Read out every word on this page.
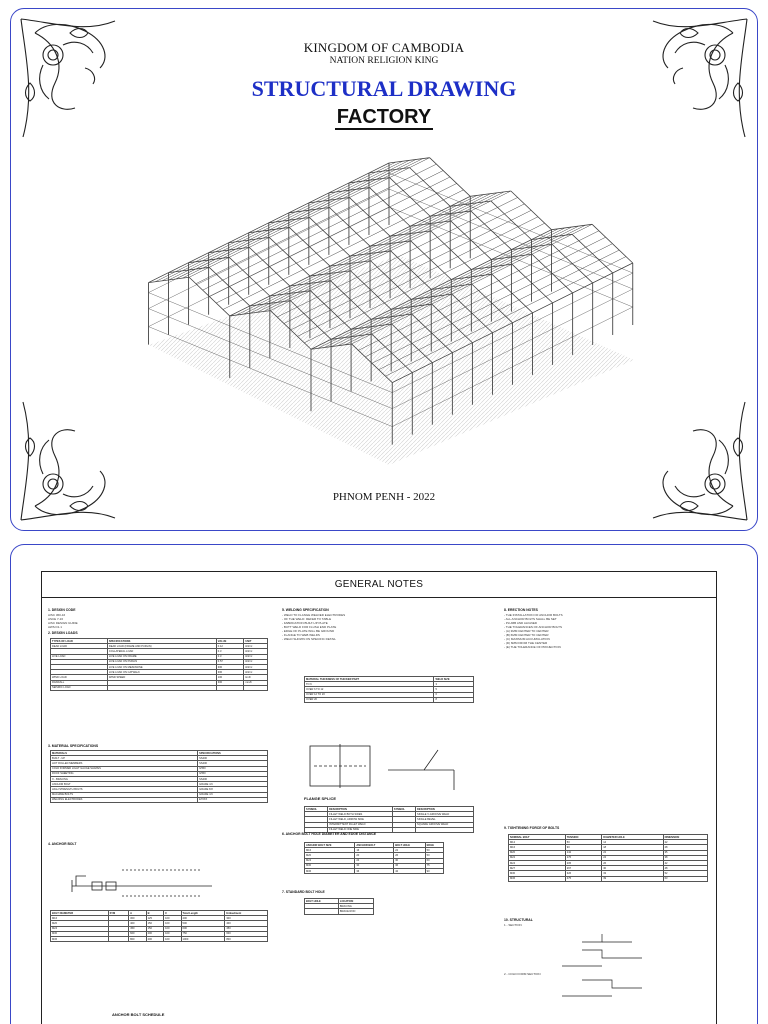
KINGDOM OF CAMBODIA
NATION RELIGION KING
STRUCTURAL DRAWING
FACTORY
PHNOM PENH - 2022
GENERAL NOTES
1. DESIGN CODE

AISC 360-16

ASCE 7-16

AISC DESIGN GUIDE

AWS D1.1

2. DESIGN LOADS
TYPES OF LOAD	SPECIFICATIONS	VALUE	UNIT
DEAD LOAD	DEAD LOAD (FRAME AND PURLIN)	0.12	kN/m²
	COLLATERAL LOAD	0.3	kN/m²
LIVE LOAD	LIVE LOAD ON FRAME	0.3	kN/m²
	LIVE LOAD ON PURLIN	0.57	kN/m²
	LIVE LOAD ON MEZZANINE	300	kN/m²
	LIVE LOAD ON CATWALK	300	kN/m²
WIND LOAD	WIND SPEED	100	km/h
RAINFALL		300	mm/h
SEISMIC LOAD			
3. MATERIAL SPECIFICATIONS
MATERIALS	SPECIFICATIONS
BUILT - UP	SS400
HOT ROLLED MEMBERS	SS400
COLD FORMED LIGHT GAUGE SHAPES	G550
ROOF SHEETING	G550
X - BRACING	SS400
ANCHOR BOLT	GRADE 4.6
HIGH STRENGTH BOLTS	GRADE 8.8
MACHINE BOLTS	GRADE 4.6
WELDING ELECTRODES	E70XX
4. ANCHOR BOLT
BOLT DIAMETER	SYM	A	B	C	Total Length	Embedment
M16		300	125	100	400	300
M20		400	150	100	500	400
M24		450	150	100	600	450
M30		600	200	100	750	600
M36		800	200	100	1000	800
ANCHOR BOLT SCHEDULE
5. WELDING SPECIFICATION

- WELD TO FLANGE WELDED ELECTRODES

- OF THE WELD: REFER TO TABLE

- FABRICATION BUILT-UP PLATE

- BUTT WELD FOR FLUSH END PLATE

- EDGE OF PLATE WILL BE GROUND

- FLANGE TO WEB WELDS

- WELD SHOWN ON SPECIFIC DETAIL

MATERIAL THICKNESS OF THICKER PART	WELD SIZE
TO 6	3
OVER 6 TO 12	5
OVER 12 TO 20	6
OVER 20	8
FLANGE SPLICE
SYMBOL	DESCRIPTION	SYMBOL	DESCRIPTION
	FILLET WELD BOTH SIDES		SINGLE V-GROOVE WELD
	FILLET WELD, ARROW SIDE		SINGLE BEVEL
	INTERMITTENT FILLET WELD		SQUARE GROOVE WELD
	FILLET WELD ONE SIDE		
6. ANCHOR BOLT HOLE DIAMETER AND EDGE DISTANCE
ANCHOR BOLT SIZE	ANCHOR BOLT	BOLT HOLE	EDGE
M16	16	22	50
M20	20	26	50
M24	24	30	60
M30	30	36	75
M36	36	42	90
7. STANDARD BOLT HOLE
BOLT HOLE	LOCATION
	BRACING
	BRACE ROD
8. ERECTION NOTES

- THE INSTALLATION OF ANCHOR BOLTS

- ALL ANCHOR BOLTS SHALL BE SET

- PLUMB AND ALIGNED

- THE TOLERANCES OF ANCHOR BOLTS

- (A) 3MM CENTER TO CENTER

- (B) 6MM CENTER TO CENTER

- (C) MAXIMUM ACCUMULATION

- (D) 6MM FROM THE CENTER

- (E) THE TOLERANCE OF PROJECTION

9. TIGHTENING FORCE OF BOLTS
NOMINAL BOLT	TENSION	DIAMETER HOLE	DIMENSION
M12	50	14	22
M16	90	18	28
M20	142	22	35
M22	176	24	38
M24	205	26	42
M27	267	30	48
M30	326	33	52
M36	475	39	63
10. STRUCTURAL

1 - SECTION

2 - COLD FORM SECTION
